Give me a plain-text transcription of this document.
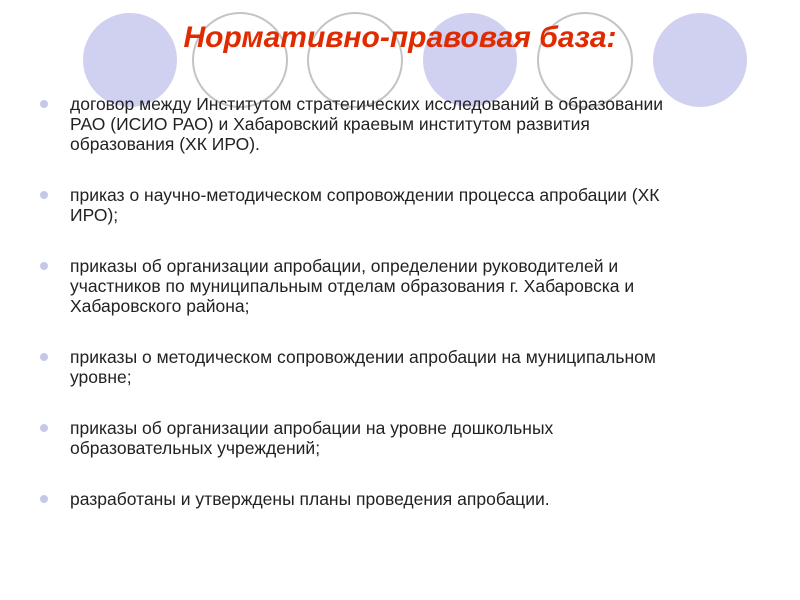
Нормативно-правовая база:
договор между Институтом стратегических исследований в образовании РАО (ИСИО РАО) и Хабаровский краевым институтом развития образования (ХК ИРО).
приказ о научно-методическом сопровождении процесса апробации (ХК ИРО);
приказы об организации апробации, определении руководителей и участников по муниципальным отделам образования г. Хабаровска и Хабаровского района;
приказы о методическом сопровождении апробации на муниципальном уровне;
приказы об организации апробации на уровне дошкольных образовательных учреждений;
разработаны и утверждены планы проведения апробации.
